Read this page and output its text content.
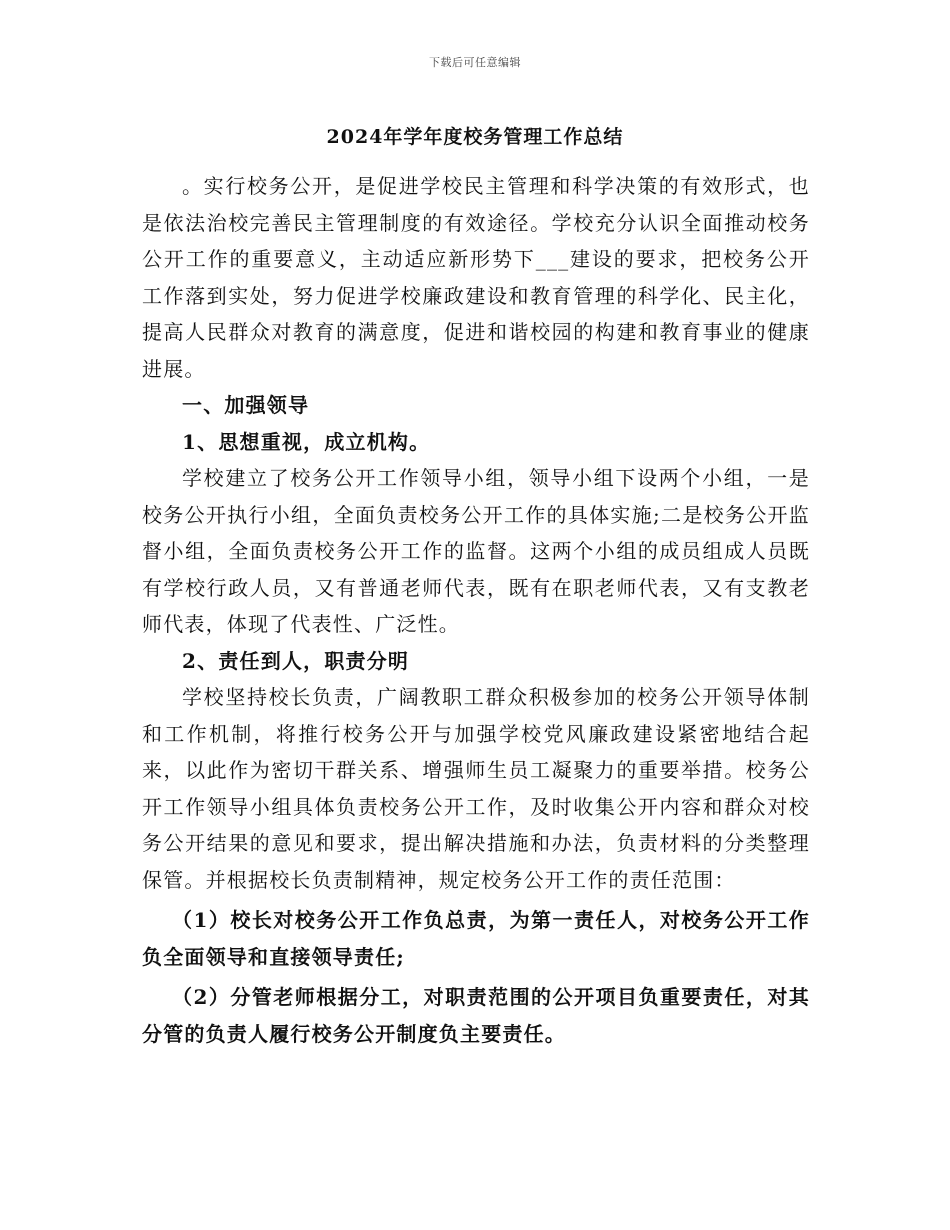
下载后可任意编辑
2024年学年度校务管理工作总结

。实行校务公开，是促进学校民主管理和科学决策的有效形式，也是依法治校完善民主管理制度的有效途径。学校充分认识全面推动校务公开工作的重要意义，主动适应新形势下___建设的要求，把校务公开工作落到实处，努力促进学校廉政建设和教育管理的科学化、民主化，提高人民群众对教育的满意度，促进和谐校园的构建和教育事业的健康进展。

一、加强领导

1、思想重视，成立机构。

学校建立了校务公开工作领导小组，领导小组下设两个小组，一是校务公开执行小组，全面负责校务公开工作的具体实施;二是校务公开监督小组，全面负责校务公开工作的监督。这两个小组的成员组成人员既有学校行政人员，又有普通老师代表，既有在职老师代表，又有支教老师代表，体现了代表性、广泛性。

2、责任到人，职责分明

学校坚持校长负责，广阔教职工群众积极参加的校务公开领导体制和工作机制，将推行校务公开与加强学校党风廉政建设紧密地结合起来，以此作为密切干群关系、增强师生员工凝聚力的重要举措。校务公开工作领导小组具体负责校务公开工作，及时收集公开内容和群众对校务公开结果的意见和要求，提出解决措施和办法，负责材料的分类整理保管。并根据校长负责制精神，规定校务公开工作的责任范围：

（1）校长对校务公开工作负总责，为第一责任人，对校务公开工作负全面领导和直接领导责任;

（2）分管老师根据分工，对职责范围的公开项目负重要责任，对其分管的负责人履行校务公开制度负主要责任。
